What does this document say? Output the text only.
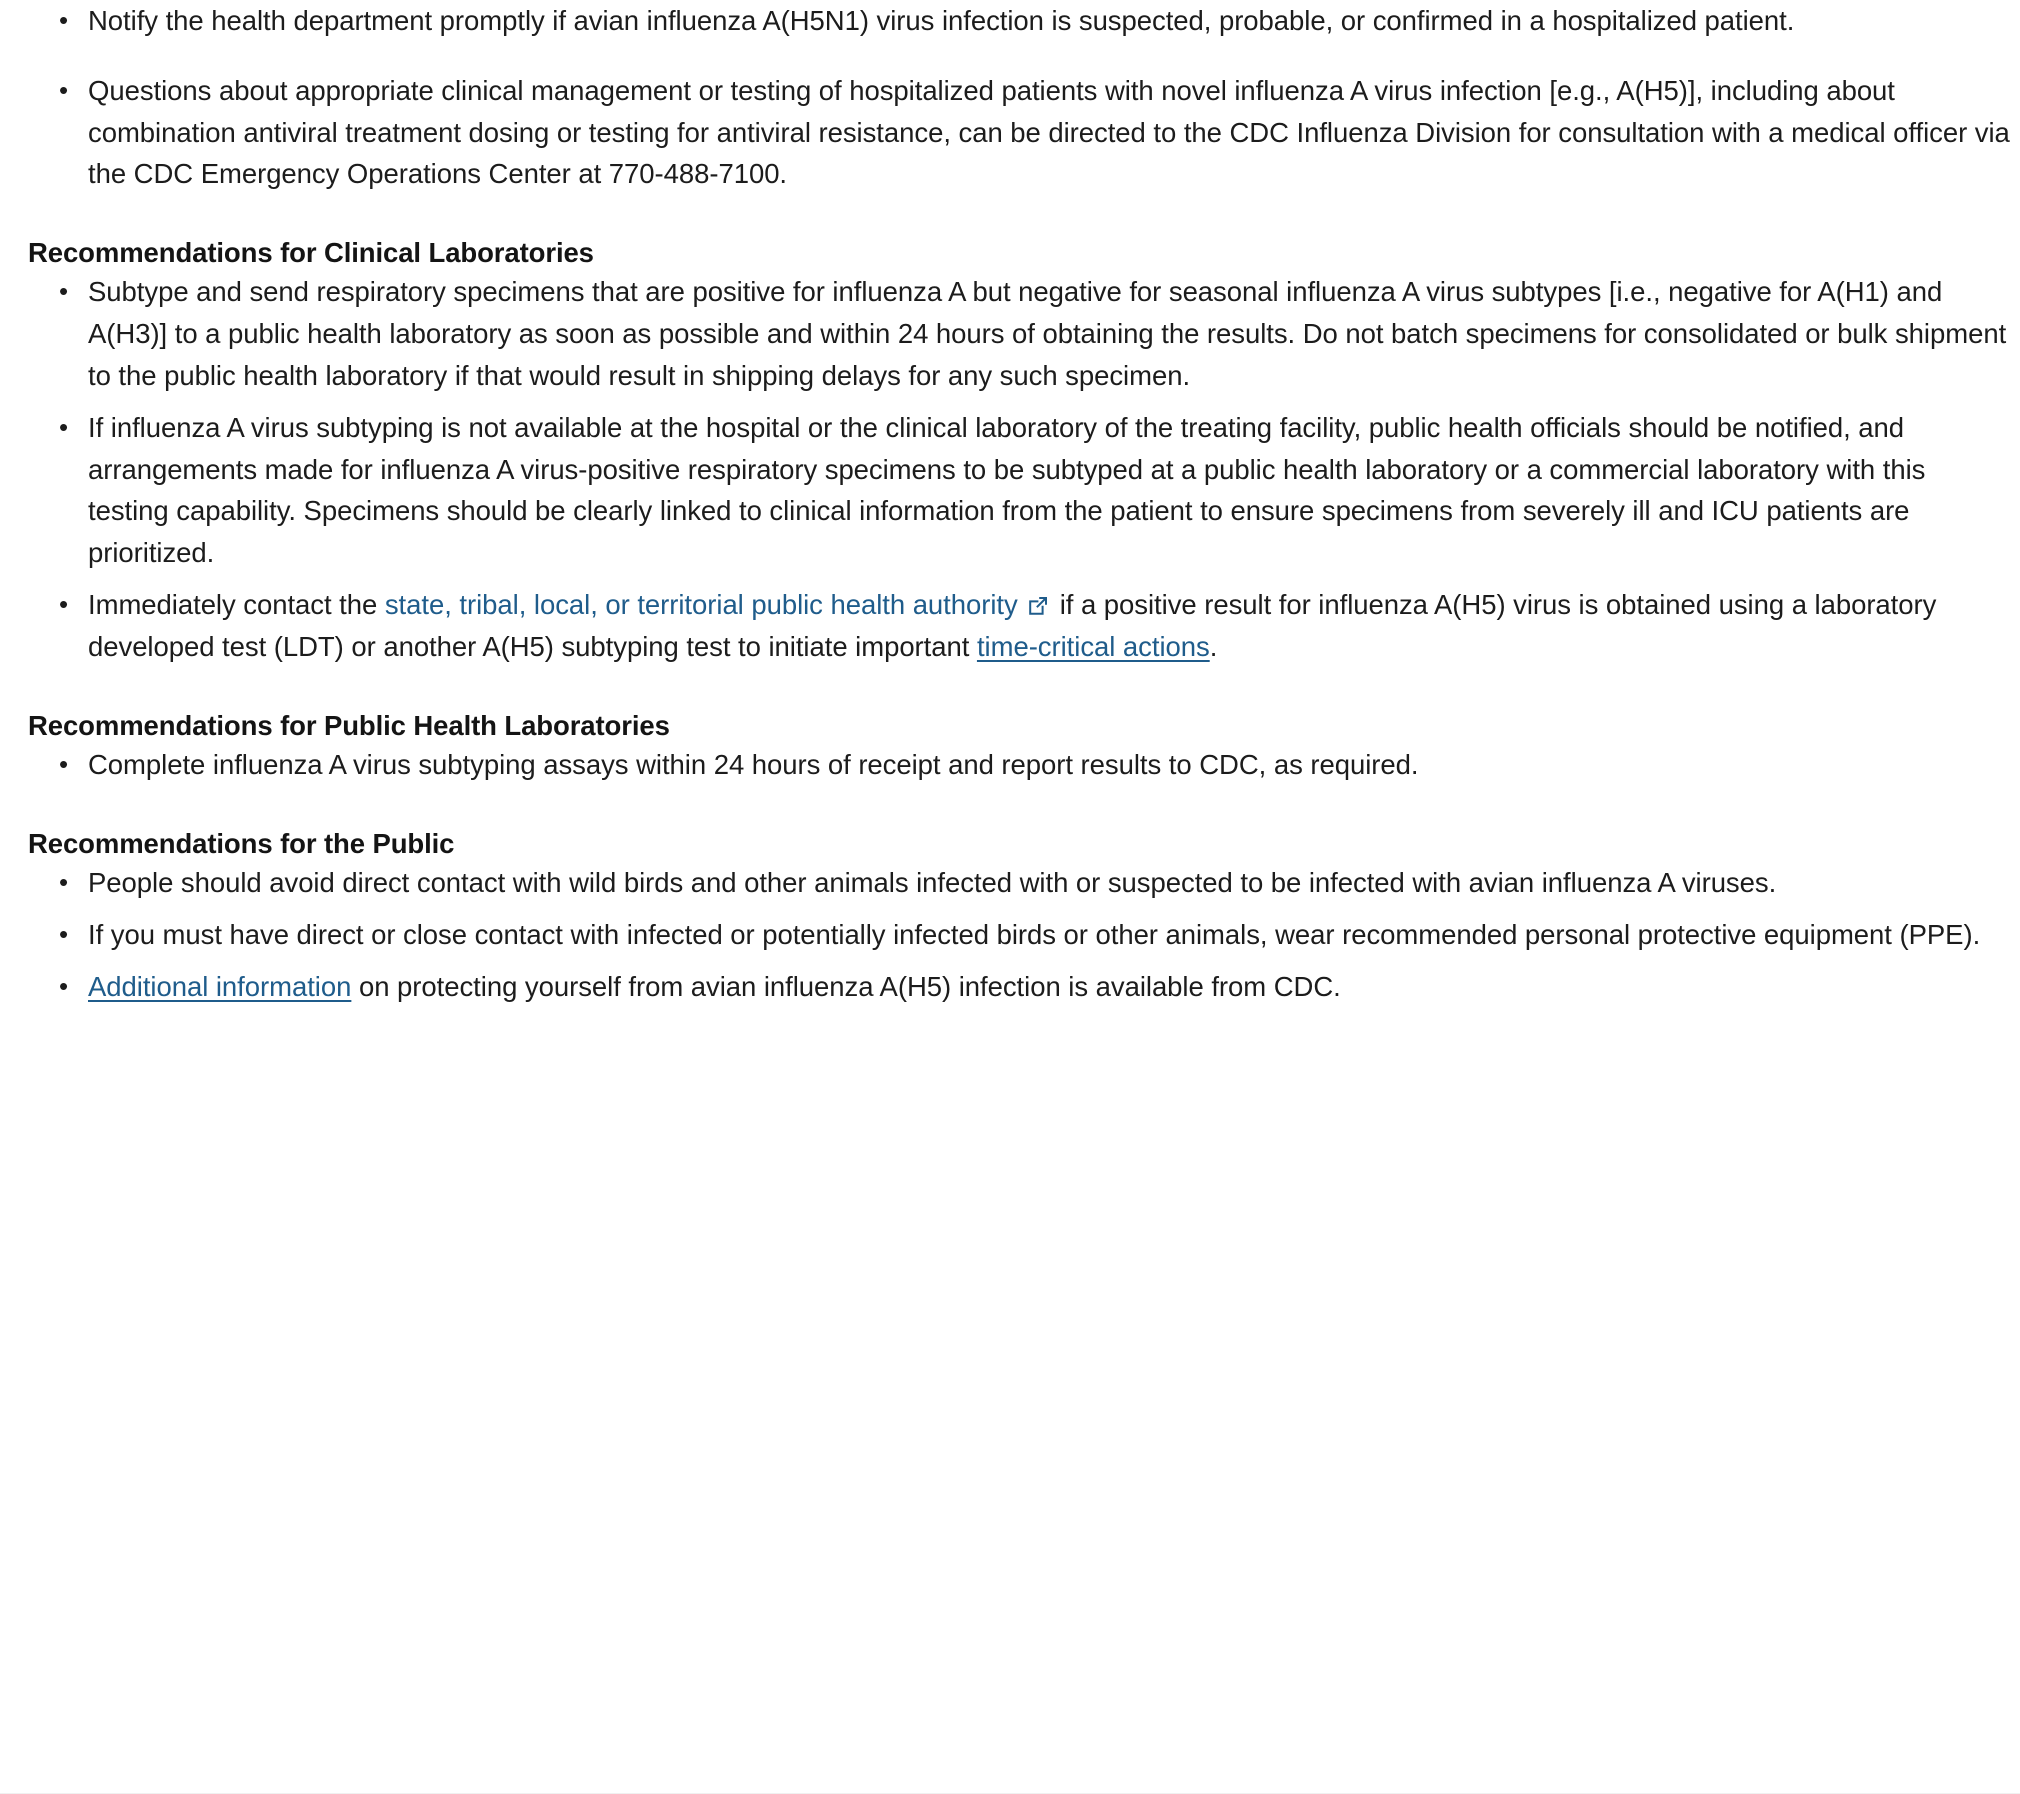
• Notify the health department promptly if avian influenza A(H5N1) virus infection is suspected, probable, or confirmed in a hospitalized patient.
• Questions about appropriate clinical management or testing of hospitalized patients with novel influenza A virus infection [e.g., A(H5)], including about combination antiviral treatment dosing or testing for antiviral resistance, can be directed to the CDC Influenza Division for consultation with a medical officer via the CDC Emergency Operations Center at 770-488-7100.
Recommendations for Clinical Laboratories
• Subtype and send respiratory specimens that are positive for influenza A but negative for seasonal influenza A virus subtypes [i.e., negative for A(H1) and A(H3)] to a public health laboratory as soon as possible and within 24 hours of obtaining the results. Do not batch specimens for consolidated or bulk shipment to the public health laboratory if that would result in shipping delays for any such specimen.
• If influenza A virus subtyping is not available at the hospital or the clinical laboratory of the treating facility, public health officials should be notified, and arrangements made for influenza A virus-positive respiratory specimens to be subtyped at a public health laboratory or a commercial laboratory with this testing capability. Specimens should be clearly linked to clinical information from the patient to ensure specimens from severely ill and ICU patients are prioritized.
• Immediately contact the state, tribal, local, or territorial public health authority if a positive result for influenza A(H5) virus is obtained using a laboratory developed test (LDT) or another A(H5) subtyping test to initiate important time-critical actions.
Recommendations for Public Health Laboratories
• Complete influenza A virus subtyping assays within 24 hours of receipt and report results to CDC, as required.
Recommendations for the Public
• People should avoid direct contact with wild birds and other animals infected with or suspected to be infected with avian influenza A viruses.
• If you must have direct or close contact with infected or potentially infected birds or other animals, wear recommended personal protective equipment (PPE).
• Additional information on protecting yourself from avian influenza A(H5) infection is available from CDC.
